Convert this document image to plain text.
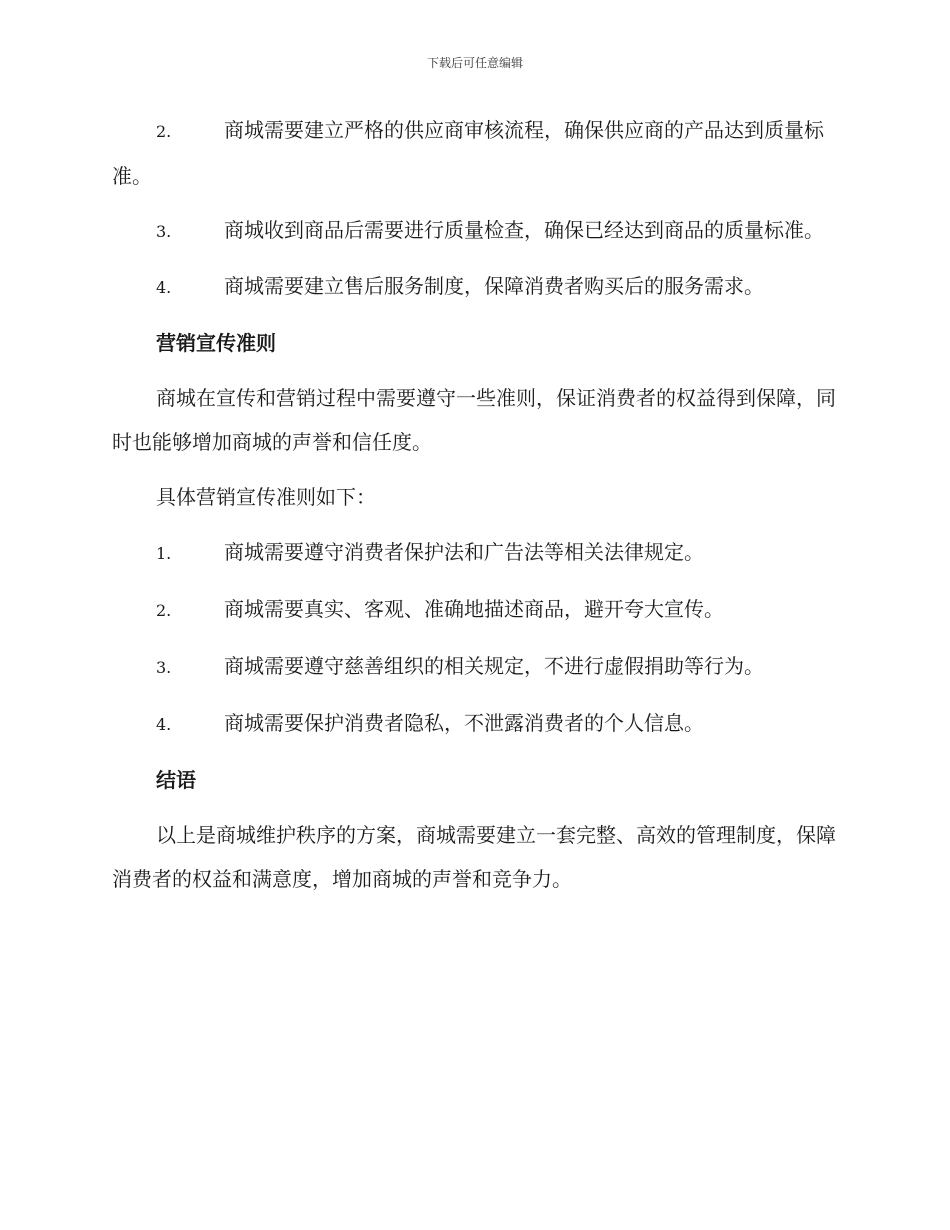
下载后可任意编辑

2.	商城需要建立严格的供应商审核流程，确保供应商的产品达到质量标准。

3.	商城收到商品后需要进行质量检查，确保已经达到商品的质量标准。

4.	商城需要建立售后服务制度，保障消费者购买后的服务需求。

营销宣传准则

商城在宣传和营销过程中需要遵守一些准则，保证消费者的权益得到保障，同时也能够增加商城的声誉和信任度。

具体营销宣传准则如下：

1.	商城需要遵守消费者保护法和广告法等相关法律规定。

2.	商城需要真实、客观、准确地描述商品，避开夸大宣传。

3.	商城需要遵守慈善组织的相关规定，不进行虚假捐助等行为。

4.	商城需要保护消费者隐私，不泄露消费者的个人信息。

结语

以上是商城维护秩序的方案，商城需要建立一套完整、高效的管理制度，保障消费者的权益和满意度，增加商城的声誉和竞争力。
